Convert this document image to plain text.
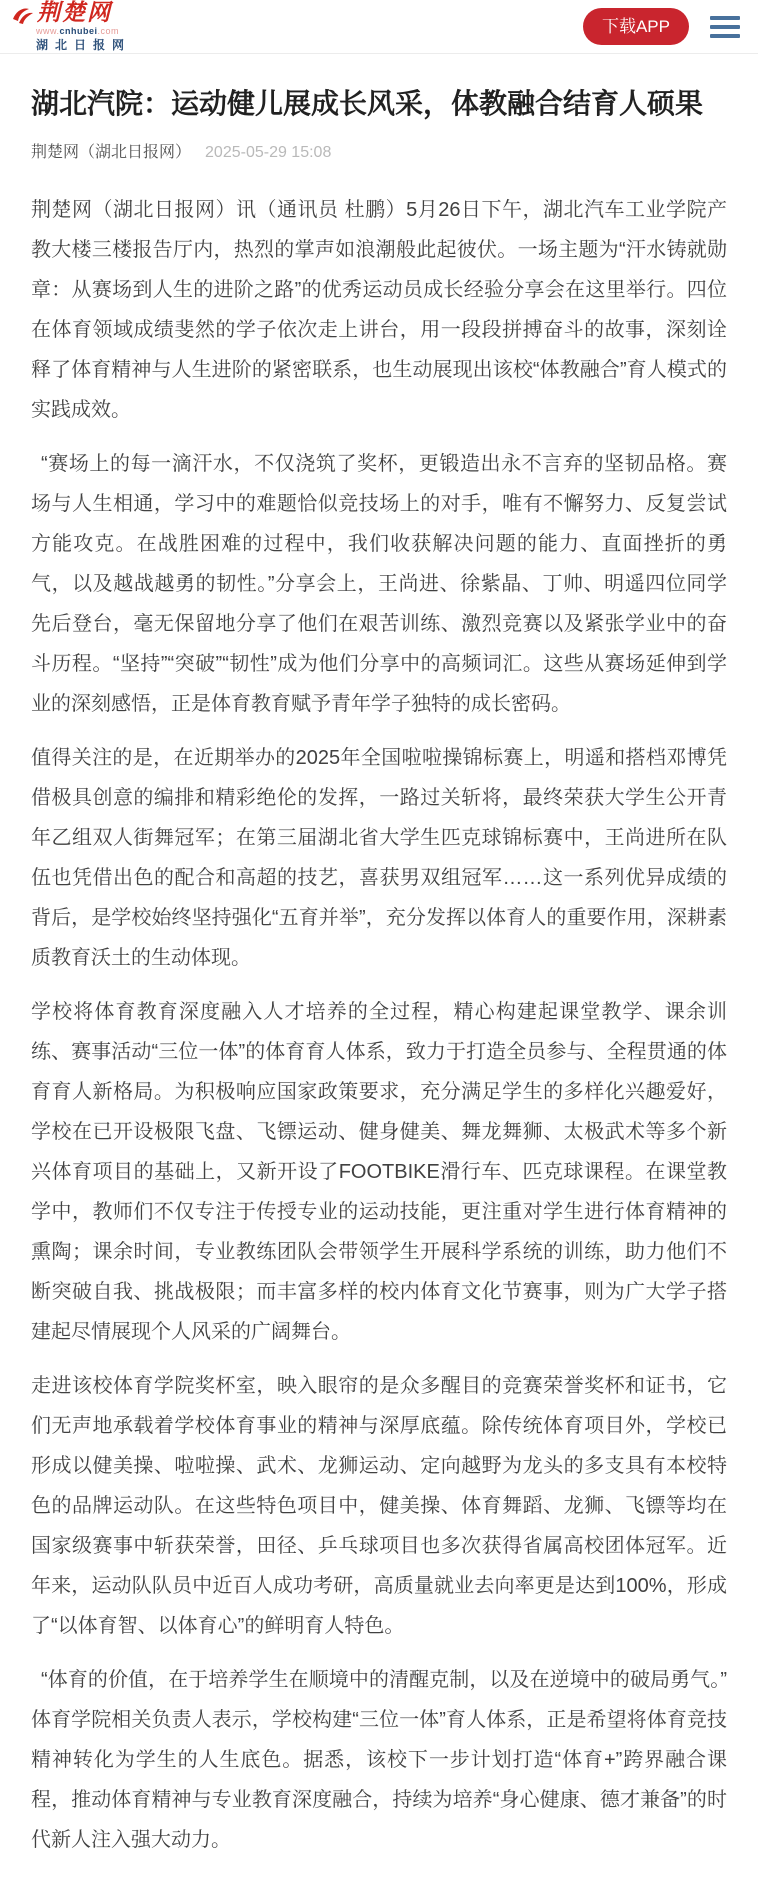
荆楚网
www.cnhubei.com
湖北日报网
下载APP
湖北汽院：运动健儿展成长风采，体教融合结育人硕果
荆楚网（湖北日报网） 2025-05-29 15:08

荆楚网（湖北日报网）讯（通讯员 杜鹏）5月26日下午，湖北汽车工业学院产教大楼三楼报告厅内，热烈的掌声如浪潮般此起彼伏。一场主题为“汗水铸就勋章：从赛场到人生的进阶之路”的优秀运动员成长经验分享会在这里举行。四位在体育领域成绩斐然的学子依次走上讲台，用一段段拼搏奋斗的故事，深刻诠释了体育精神与人生进阶的紧密联系，也生动展现出该校“体教融合”育人模式的实践成效。

 “赛场上的每一滴汗水，不仅浇筑了奖杯，更锻造出永不言弃的坚韧品格。赛场与人生相通，学习中的难题恰似竞技场上的对手，唯有不懈努力、反复尝试方能攻克。在战胜困难的过程中，我们收获解决问题的能力、直面挫折的勇气，以及越战越勇的韧性。”分享会上，王尚进、徐紫晶、丁帅、明遥四位同学先后登台，毫无保留地分享了他们在艰苦训练、激烈竞赛以及紧张学业中的奋斗历程。“坚持”“突破”“韧性”成为他们分享中的高频词汇。这些从赛场延伸到学业的深刻感悟，正是体育教育赋予青年学子独特的成长密码。

值得关注的是，在近期举办的2025年全国啦啦操锦标赛上，明遥和搭档邓博凭借极具创意的编排和精彩绝伦的发挥，一路过关斩将，最终荣获大学生公开青年乙组双人街舞冠军；在第三届湖北省大学生匹克球锦标赛中，王尚进所在队伍也凭借出色的配合和高超的技艺，喜获男双组冠军……这一系列优异成绩的背后，是学校始终坚持强化“五育并举”，充分发挥以体育人的重要作用，深耕素质教育沃土的生动体现。

学校将体育教育深度融入人才培养的全过程，精心构建起课堂教学、课余训练、赛事活动“三位一体”的体育育人体系，致力于打造全员参与、全程贯通的体育育人新格局。为积极响应国家政策要求，充分满足学生的多样化兴趣爱好，学校在已开设极限飞盘、飞镖运动、健身健美、舞龙舞狮、太极武术等多个新兴体育项目的基础上，又新开设了FOOTBIKE滑行车、匹克球课程。在课堂教学中，教师们不仅专注于传授专业的运动技能，更注重对学生进行体育精神的熏陶；课余时间，专业教练团队会带领学生开展科学系统的训练，助力他们不断突破自我、挑战极限；而丰富多样的校内体育文化节赛事，则为广大学子搭建起尽情展现个人风采的广阔舞台。

走进该校体育学院奖杯室，映入眼帘的是众多醒目的竞赛荣誉奖杯和证书，它们无声地承载着学校体育事业的精神与深厚底蕴。除传统体育项目外，学校已形成以健美操、啦啦操、武术、龙狮运动、定向越野为龙头的多支具有本校特色的品牌运动队。在这些特色项目中，健美操、体育舞蹈、龙狮、飞镖等均在国家级赛事中斩获荣誉，田径、乒乓球项目也多次获得省属高校团体冠军。近年来，运动队队员中近百人成功考研，高质量就业去向率更是达到100%，形成了“以体育智、以体育心”的鲜明育人特色。

 “体育的价值，在于培养学生在顺境中的清醒克制，以及在逆境中的破局勇气。”　体育学院相关负责人表示，学校构建“三位一体”育人体系，正是希望将体育竞技精神转化为学生的人生底色。据悉，该校下一步计划打造“体育+”跨界融合课程，推动体育精神与专业教育深度融合，持续为培养“身心健康、德才兼备”的时代新人注入强大动力。
